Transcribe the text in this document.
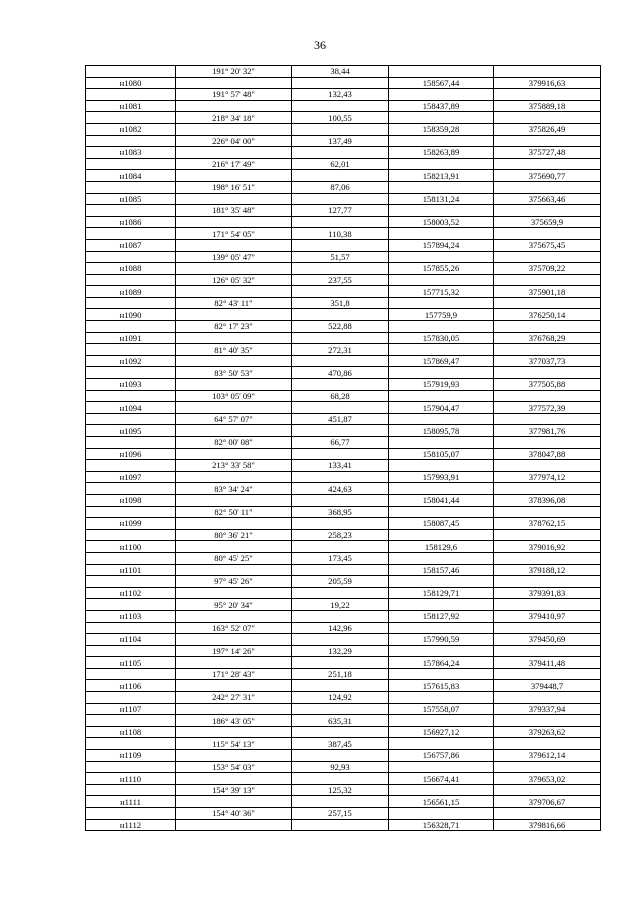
36
	191° 20' 32"	38,44		
н1080			158567,44	379916,63
	191° 57' 48"	132,43		
н1081			158437,89	375889,18
	218° 34' 18"	100,55		
н1082			158359,28	375826,49
	226° 04' 00"	137,49		
н1083			158263,89	375727,48
	216° 17' 49"	62,01		
н1084			158213,91	375690,77
	198° 16' 51"	87,06		
н1085			158131,24	375663,46
	181° 35' 48"	127,77		
н1086			158003,52	375659,9
	171° 54' 05"	110,38		
н1087			157894,24	375675,45
	139° 05' 47"	51,57		
н1088			157855,26	375709,22
	126° 05' 32"	237,55		
н1089			157715,32	375901,18
	82° 43' 11"	351,8		
н1090			157759,9	376250,14
	82° 17' 23"	522,88		
н1091			157830,05	376768,29
	81° 40' 35"	272,31		
н1092			157869,47	377037,73
	83° 50' 53"	470,86		
н1093			157919,93	377505,88
	103° 05' 09"	68,28		
н1094			157904,47	377572,39
	64° 57' 07"	451,87		
н1095			158095,78	377981,76
	82° 00' 08"	66,77		
н1096			158105,07	378047,88
	213° 33' 58"	133,41		
н1097			157993,91	377974,12
	83° 34' 24"	424,63		
н1098			158041,44	378396,08
	82° 50' 11"	368,95		
н1099			158087,45	378762,15
	80° 36' 21"	258,23		
н1100			158129,6	379016,92
	80° 45' 25"	173,45		
н1101			158157,46	379188,12
	97° 45' 26"	205,59		
н1102			158129,71	379391,83
	95° 20' 34"	19,22		
н1103			158127,92	379410,97
	163° 52' 07"	142,96		
н1104			157990,59	379450,69
	197° 14' 26"	132,29		
н1105			157864,24	379411,48
	171° 28' 43"	251,18		
н1106			157615,83	379448,7
	242° 27' 31"	124,92		
н1107			157558,07	379337,94
	186° 43' 05"	635,31		
н1108			156927,12	379263,62
	115° 54' 13"	387,45		
н1109			156757,86	379612,14
	153° 54' 03"	92,93		
н1110			156674,41	379653,02
	154° 39' 13"	125,32		
н1111			156561,15	379706,67
	154° 40' 36"	257,15		
н1112			156328,71	379816,66
